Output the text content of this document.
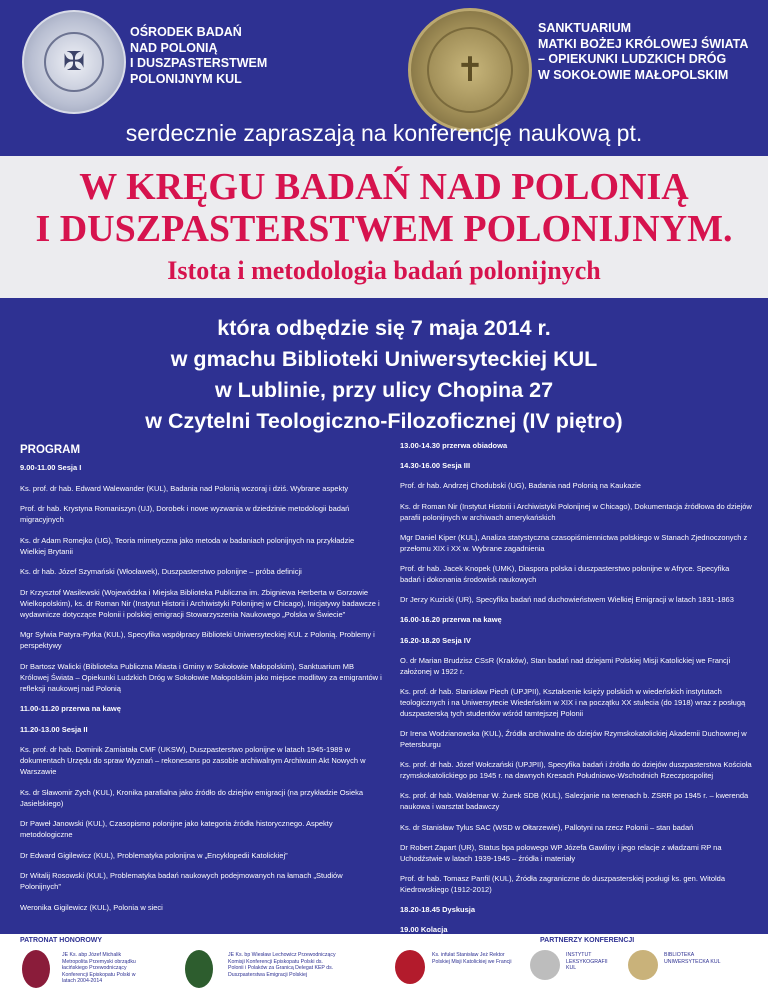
✠
OŚRODEK BADAŃ
NAD POLONIĄ
I DUSZPASTERSTWEM
POLONIJNYM KUL	✝
SANKTUARIUM
MATKI BOŻEJ KRÓLOWEJ ŚWIATA
– OPIEKUNKI LUDZKICH DRÓG
W SOKOŁOWIE MAŁOPOLSKIM
serdecznie zapraszają na konferencję naukową pt.
W KRĘGU BADAŃ NAD POLONIĄ
I DUSZPASTERSTWEM POLONIJNYM.
Istota i metodologia badań polonijnych
która odbędzie się 7 maja 2014 r.
w gmachu Biblioteki Uniwersyteckiej KUL
w Lublinie, przy ulicy Chopina 27
w Czytelni Teologiczno-Filozoficznej (IV piętro)
PROGRAM

9.00-11.00 Sesja I

Ks. prof. dr hab. Edward Walewander (KUL), Badania nad Polonią wczoraj i dziś. Wybrane aspekty

Prof. dr hab. Krystyna Romaniszyn (UJ), Dorobek i nowe wyzwania w dziedzinie metodologii badań migracyjnych

Ks. dr Adam Romejko (UG), Teoria mimetyczna jako metoda w badaniach polonijnych na przykładzie Wielkiej Brytanii

Ks. dr hab. Józef Szymański (Włocławek), Duszpasterstwo polonijne – próba definicji

Dr Krzysztof Wasilewski (Wojewódzka i Miejska Biblioteka Publiczna im. Zbigniewa Herberta w Gorzowie Wielkopolskim), ks. dr Roman Nir (Instytut Historii i Archiwistyki Polonijnej w Chicago), Inicjatywy badawcze i wydawnicze dotyczące Polonii i polskiej emigracji Stowarzyszenia Naukowego „Polska w Świecie”

Mgr Sylwia Patyra-Pytka (KUL), Specyfika współpracy Biblioteki Uniwersyteckiej KUL z Polonią. Problemy i perspektywy

Dr Bartosz Walicki (Biblioteka Publiczna Miasta i Gminy w Sokołowie Małopolskim), Sanktuarium MB Królowej Świata – Opiekunki Ludzkich Dróg w Sokołowie Małopolskim jako miejsce modlitwy za emigrantów i refleksji naukowej nad Polonią

11.00-11.20 przerwa na kawę

11.20-13.00 Sesja II

Ks. prof. dr hab. Dominik Zamiatała CMF (UKSW), Duszpasterstwo polonijne w latach 1945-1989 w dokumentach Urzędu do spraw Wyznań – rekonesans po zasobie archiwalnym Archiwum Akt Nowych w Warszawie

Ks. dr Sławomir Zych (KUL), Kronika parafialna jako źródło do dziejów emigracji (na przykładzie Osieka Jasielskiego)

Dr Paweł Janowski (KUL), Czasopismo polonijne jako kategoria źródła historycznego. Aspekty metodologiczne

Dr Edward Gigilewicz (KUL), Problematyka polonijna w „Encyklopedii Katolickiej”

Dr Witalij Rosowski (KUL), Problematyka badań naukowych podejmowanych na łamach „Studiów Polonijnych”

Weronika Gigilewicz (KUL), Polonia w sieci

13.00-14.30 przerwa obiadowa

14.30-16.00 Sesja III

Prof. dr hab. Andrzej Chodubski (UG), Badania nad Polonią na Kaukazie

Ks. dr Roman Nir (Instytut Historii i Archiwistyki Polonijnej w Chicago), Dokumentacja źródłowa do dziejów parafii polonijnych w archiwach amerykańskich

Mgr Daniel Kiper (KUL), Analiza statystyczna czasopiśmiennictwa polskiego w Stanach Zjednoczonych z przełomu XIX i XX w. Wybrane zagadnienia

Prof. dr hab. Jacek Knopek (UMK), Diaspora polska i duszpasterstwo polonijne w Afryce. Specyfika badań i dokonania środowisk naukowych

Dr Jerzy Kuzicki (UR), Specyfika badań nad duchowieństwem Wielkiej Emigracji w latach 1831-1863

16.00-16.20 przerwa na kawę

16.20-18.20 Sesja IV

O. dr Marian Brudzisz CSsR (Kraków), Stan badań nad dziejami Polskiej Misji Katolickiej we Francji założonej w 1922 r.

Ks. prof. dr hab. Stanisław Piech (UPJPII), Kształcenie księży polskich w wiedeńskich instytutach teologicznych i na Uniwersytecie Wiedeńskim w XIX i na początku XX stulecia (do 1918) wraz z posługą duszpasterską tych studentów wśród tamtejszej Polonii

Dr Irena Wodzianowska (KUL), Źródła archiwalne do dziejów Rzymskokatolickiej Akademii Duchownej w Petersburgu

Ks. prof. dr hab. Józef Wołczański (UPJPII), Specyfika badań i źródła do dziejów duszpasterstwa Kościoła rzymskokatolickiego po 1945 r. na dawnych Kresach Południowo-Wschodnich Rzeczpospolitej

Ks. prof. dr hab. Waldemar W. Żurek SDB (KUL), Salezjanie na terenach b. ZSRR po 1945 r. – kwerenda naukowa i warsztat badawczy

Ks. dr Stanisław Tylus SAC (WSD w Ołtarzewie), Pallotyni na rzecz Polonii – stan badań

Dr Robert Zapart (UR), Status bpa polowego WP Józefa Gawliny i jego relacje z władzami RP na Uchodźstwie w latach 1939-1945 – źródła i materiały

Prof. dr hab. Tomasz Panfil (KUL), Źródła zagraniczne do duszpasterskiej posługi ks. gen. Witolda Kiedrowskiego (1912-2012)

18.20-18.45 Dyskusja

19.00 Kolacja

PATRONAT HONOROWY	PARTNERZY KONFERENCJI
JE Ks. abp Józef Michalik Metropolita Przemyski obrządku łacińskiego Przewodniczący Konferencji Episkopatu Polski w latach 2004-2014
JE Ks. bp Wiesław Lechowicz Przewodniczący Komisji Konferencji Episkopatu Polski ds. Polonii i Polaków za Granicą Delegat KEP ds. Duszpasterstwa Emigracji Polskiej
Ks. infułat Stanisław Jeż Rektor Polskiej Misji Katolickiej we Francji
INSTYTUT LEKSYKOGRAFII KUL
BIBLIOTEKA UNIWERSYTECKA KUL
